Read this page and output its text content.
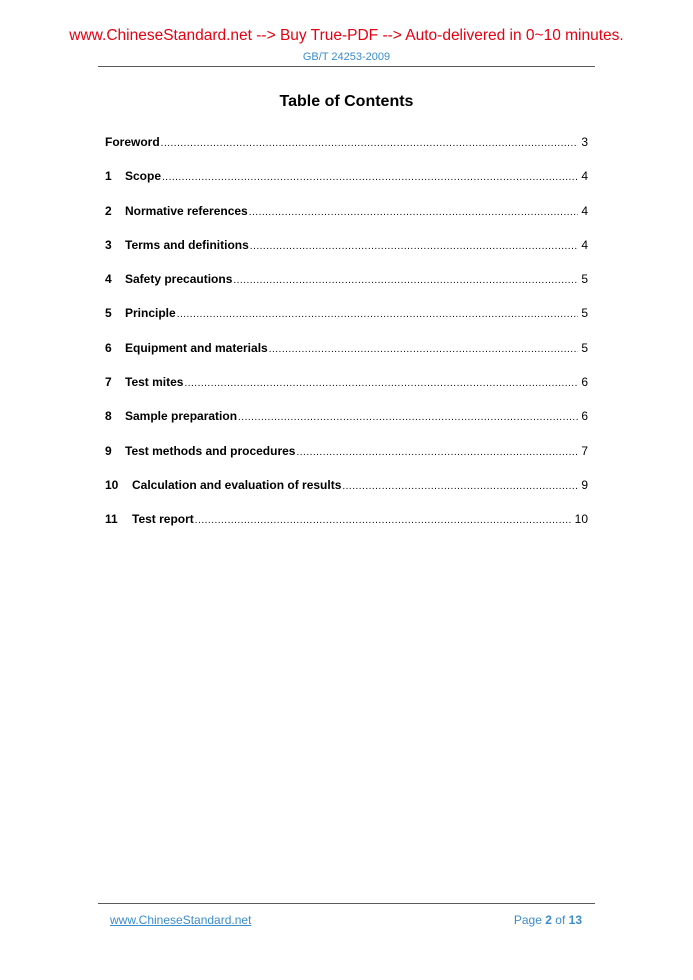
www.ChineseStandard.net --> Buy True-PDF --> Auto-delivered in 0~10 minutes.
GB/T 24253-2009
Table of Contents
Foreword .....	3
1	Scope .....	4
2	Normative references .....	4
3	Terms and definitions .....	4
4	Safety precautions .....	5
5	Principle .....	5
6	Equipment and materials .....	5
7	Test mites .....	6
8	Sample preparation .....	6
9	Test methods and procedures .....	7
10	Calculation and evaluation of results .....	9
11	Test report .....	10
www.ChineseStandard.net	Page 2 of 13
